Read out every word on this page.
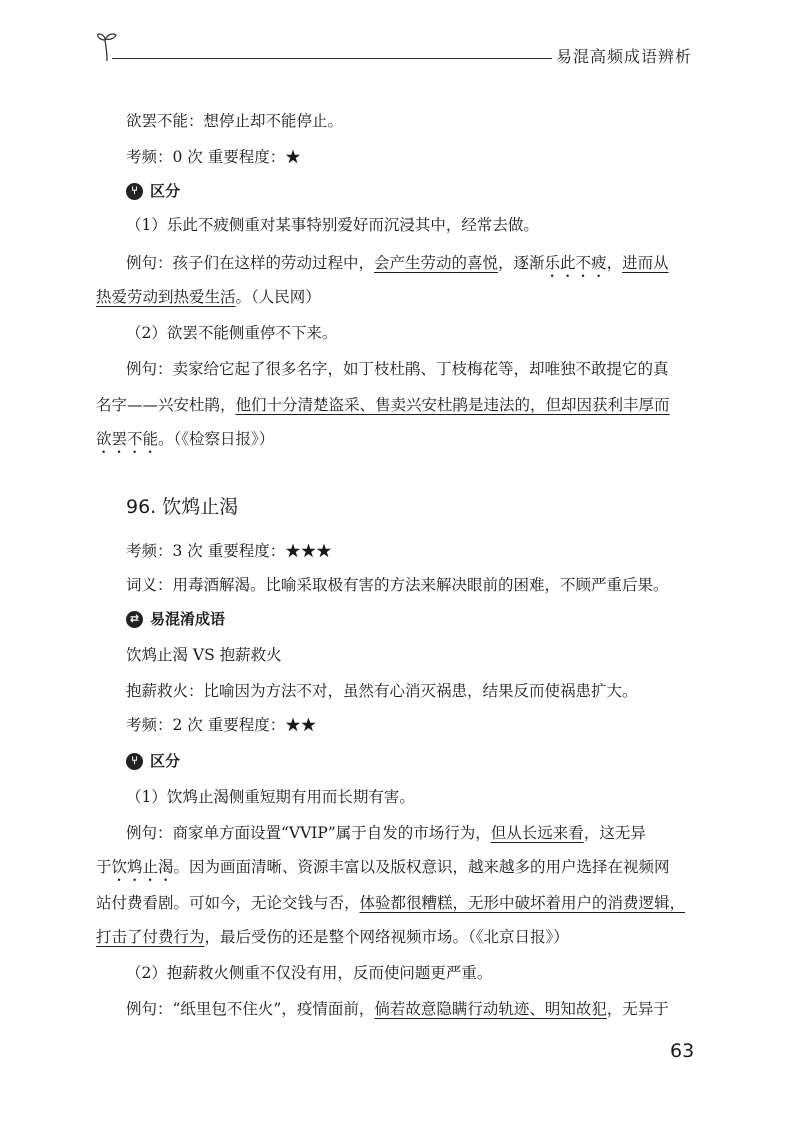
易混高频成语辨析
欲罢不能：想停止却不能停止。
考频：0 次 重要程度：★
⑂ 区分
（1）乐此不疲侧重对某事特别爱好而沉浸其中，经常去做。
例句：孩子们在这样的劳动过程中，会产生劳动的喜悦，逐渐乐此不疲，进而从
热爱劳动到热爱生活。（人民网）
（2）欲罢不能侧重停不下来。
例句：卖家给它起了很多名字，如丁枝杜鹃、丁枝梅花等，却唯独不敢提它的真
名字——兴安杜鹃，他们十分清楚盗采、售卖兴安杜鹃是违法的，但却因获利丰厚而
欲罢不能。（《检察日报》）
96. 饮鸩止渴
考频：3 次 重要程度：★★★
词义：用毒酒解渴。比喻采取极有害的方法来解决眼前的困难，不顾严重后果。
⇄ 易混淆成语
饮鸩止渴 VS 抱薪救火
抱薪救火：比喻因为方法不对，虽然有心消灭祸患，结果反而使祸患扩大。
考频：2 次 重要程度：★★
⑂ 区分
（1）饮鸩止渴侧重短期有用而长期有害。
例句：商家单方面设置“VVIP”属于自发的市场行为，但从长远来看，这无异
于饮鸩止渴。因为画面清晰、资源丰富以及版权意识，越来越多的用户选择在视频网
站付费看剧。可如今，无论交钱与否，体验都很糟糕，无形中破坏着用户的消费逻辑，
打击了付费行为，最后受伤的还是整个网络视频市场。（《北京日报》）
（2）抱薪救火侧重不仅没有用，反而使问题更严重。
例句：“纸里包不住火”，疫情面前，倘若故意隐瞒行动轨迹、明知故犯，无异于
63
